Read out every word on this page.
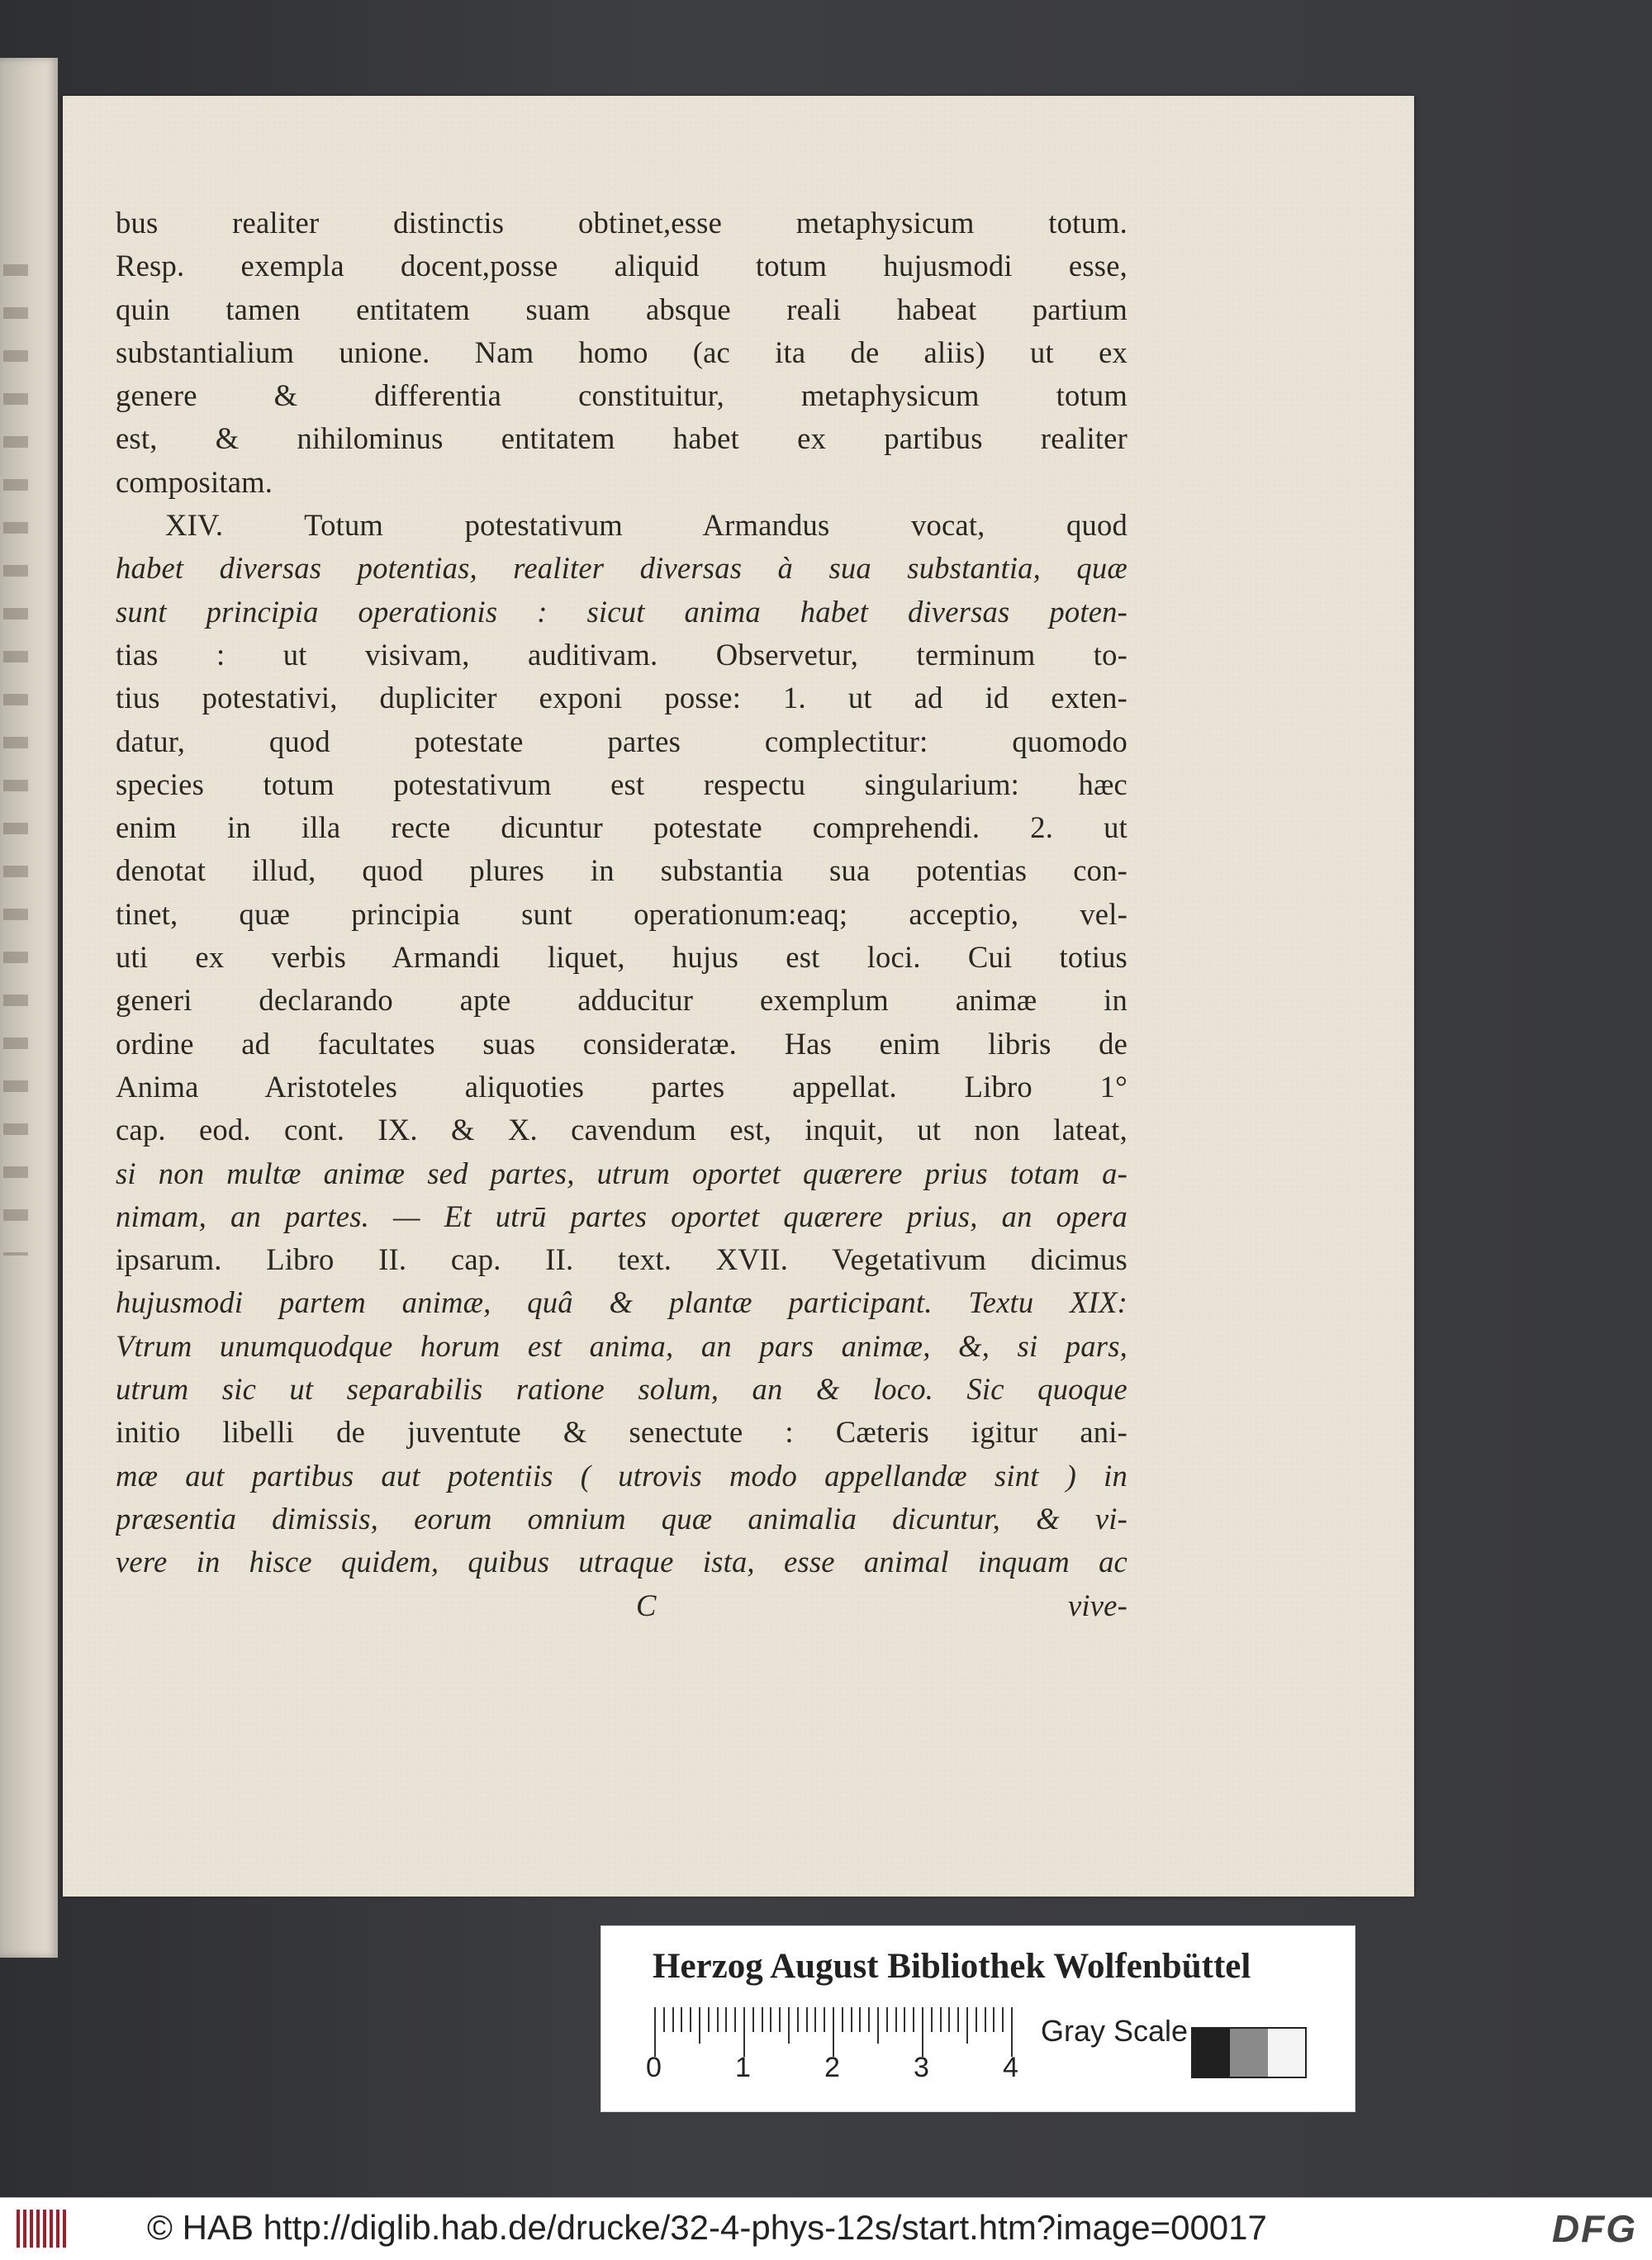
bus realiter distinctis obtinet,esse metaphysicum totum.
Resp. exempla docent,posse aliquid totum hujusmodi esse,
quin tamen entitatem suam absque reali habeat partium
substantialium unione. Nam homo (ac ita de aliis) ut ex
genere & differentia constituitur, metaphysicum totum
est, & nihilominus entitatem habet ex partibus realiter
compositam.
XIV. Totum potestativum Armandus vocat, quod
habet diversas potentias, realiter diversas à sua substantia, quæ
sunt principia operationis : sicut anima habet diversas poten-
tias : ut visivam, auditivam. Observetur, terminum to-
tius potestativi, dupliciter exponi posse: 1. ut ad id exten-
datur, quod potestate partes complectitur: quomodo
species totum potestativum est respectu singularium: hæc
enim in illa recte dicuntur potestate comprehendi. 2. ut
denotat illud, quod plures in substantia sua potentias con-
tinet, quæ principia sunt operationum:eaq; acceptio, vel-
uti ex verbis Armandi liquet, hujus est loci. Cui totius
generi declarando apte adducitur exemplum animæ in
ordine ad facultates suas consideratæ. Has enim libris de
Anima Aristoteles aliquoties partes appellat. Libro 1°
cap. eod. cont. IX. & X. cavendum est, inquit, ut non lateat,
si non multæ animæ sed partes, utrum oportet quærere prius totam a-
nimam, an partes. — Et utrū partes oportet quærere prius, an opera
ipsarum. Libro II. cap. II. text. XVII. Vegetativum dicimus
hujusmodi partem animæ, quâ & plantæ participant. Textu XIX:
Vtrum unumquodque horum est anima, an pars animæ, &, si pars,
utrum sic ut separabilis ratione solum, an & loco. Sic quoque
initio libelli de juventute & senectute : Cæteris igitur ani-
mæ aut partibus aut potentiis ( utrovis modo appellandæ sint ) in
præsentia dimissis, eorum omnium quæ animalia dicuntur, & vi-
vere in hisce quidem, quibus utraque ista, esse animal inquam ac
C	vive-
Herzog August Bibliothek Wolfenbüttel
0	1	2	3	4
Gray Scale
© HAB http://diglib.hab.de/drucke/32-4-phys-12s/start.htm?image=00017	DFG
